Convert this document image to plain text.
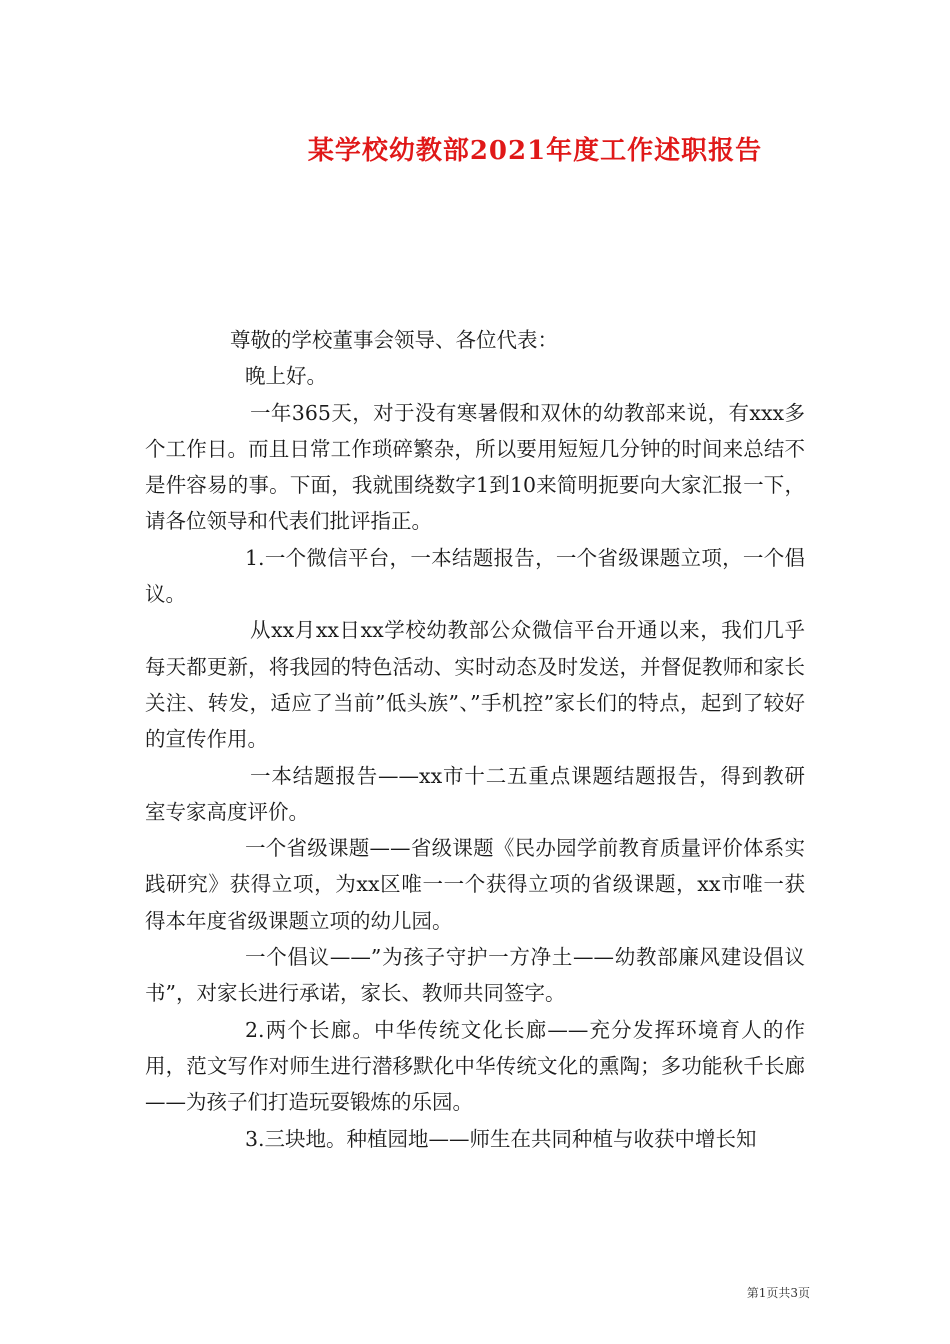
某学校幼教部2021年度工作述职报告

尊敬的学校董事会领导、各位代表：

晚上好。

一年365天，对于没有寒暑假和双休的幼教部来说，有xxx多个工作日。而且日常工作琐碎繁杂，所以要用短短几分钟的时间来总结不是件容易的事。下面，我就围绕数字1到10来简明扼要向大家汇报一下，请各位领导和代表们批评指正。

1.一个微信平台，一本结题报告，一个省级课题立项，一个倡议。

从xx月xx日xx学校幼教部公众微信平台开通以来，我们几乎每天都更新，将我园的特色活动、实时动态及时发送，并督促教师和家长关注、转发，适应了当前”低头族”、”手机控”家长们的特点，起到了较好的宣传作用。

一本结题报告——xx市十二五重点课题结题报告，得到教研室专家高度评价。

一个省级课题——省级课题《民办园学前教育质量评价体系实践研究》获得立项，为xx区唯一一个获得立项的省级课题，xx市唯一获得本年度省级课题立项的幼儿园。

一个倡议——”为孩子守护一方净土——幼教部廉风建设倡议书”，对家长进行承诺，家长、教师共同签字。

2.两个长廊。中华传统文化长廊——充分发挥环境育人的作用，范文写作对师生进行潜移默化中华传统文化的熏陶；多功能秋千长廊——为孩子们打造玩耍锻炼的乐园。

3.三块地。种植园地——师生在共同种植与收获中增长知

第1页共3页
